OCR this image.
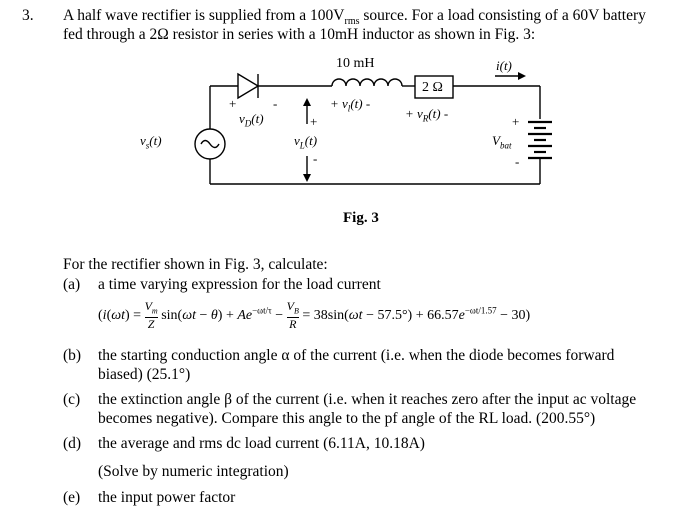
3. A half wave rectifier is supplied from a $100V_{rms}$ source. For a load consisting of a 60V battery
fed through a 2Ω resistor in series with a 10mH inductor as shown in Fig. 3:
$v_s(t)$
+
$v_D(t)$
-
10 mH
+ $v_l(t)$ -
2 Ω
+ $v_R(t)$ -
i(t)
+
$v_L(t)$
-
+
$V_{bat}$
-
Fig. 3
For the rectifier shown in Fig. 3, calculate:
(a) a time varying expression for the load current
$(i(\omega t) = \frac{V_m}{Z} \sin(\omega t - \theta) + Ae^{-\omega t/\tau} - \frac{V_B}{R} = 38\sin(\omega t - 57.5^\circ) + 66.57e^{-\omega t/1.57} - 30)$
(b) the starting conduction angle α of the current (i.e. when the diode becomes forward
biased) (25.1°)
(c) the extinction angle β of the current (i.e. when it reaches zero after the input ac voltage
becomes negative). Compare this angle to the pf angle of the RL load. (200.55°)
(d) the average and rms dc load current (6.11A, 10.18A)
(Solve by numeric integration)
(e) the input power factor
